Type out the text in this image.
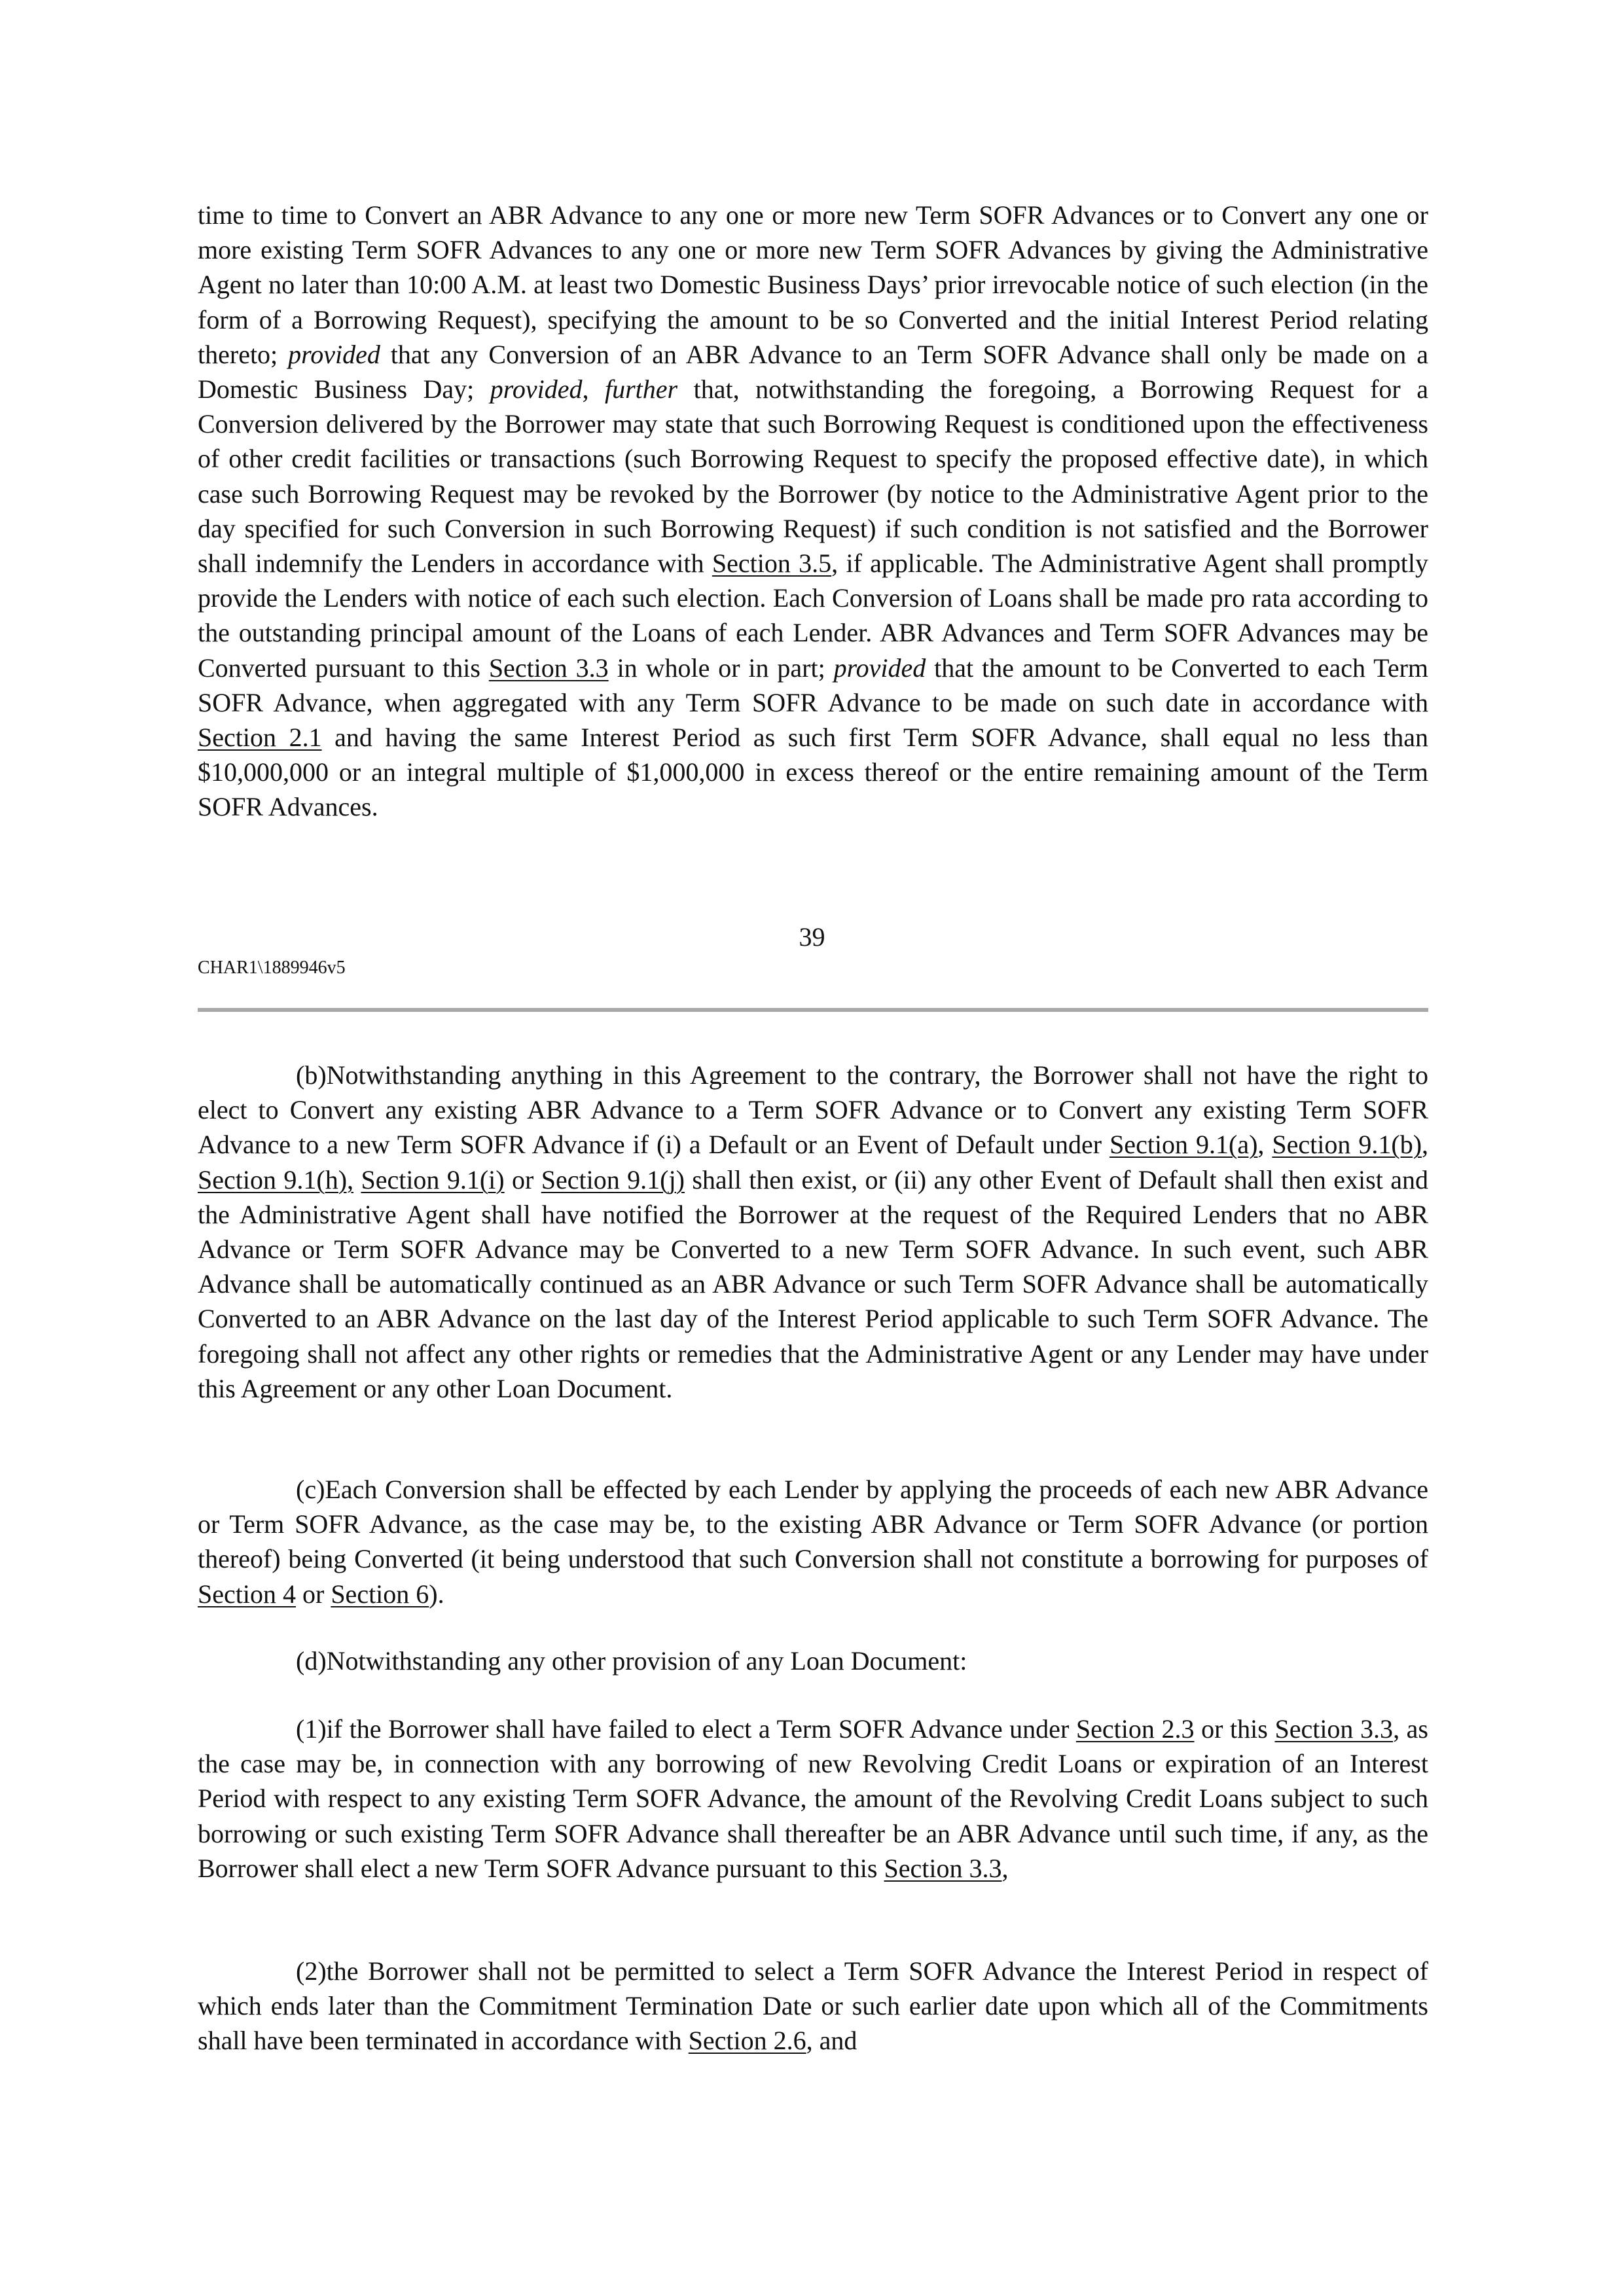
time to time to Convert an ABR Advance to any one or more new Term SOFR Advances or to Convert any one or more existing Term SOFR Advances to any one or more new Term SOFR Advances by giving the Administrative Agent no later than 10:00 A.M. at least two Domestic Business Days’ prior irrevocable notice of such election (in the form of a Borrowing Request), specifying the amount to be so Converted and the initial Interest Period relating thereto; provided that any Conversion of an ABR Advance to an Term SOFR Advance shall only be made on a Domestic Business Day; provided, further that, notwithstanding the foregoing, a Borrowing Request for a Conversion delivered by the Borrower may state that such Borrowing Request is conditioned upon the effectiveness of other credit facilities or transactions (such Borrowing Request to specify the proposed effective date), in which case such Borrowing Request may be revoked by the Borrower (by notice to the Administrative Agent prior to the day specified for such Conversion in such Borrowing Request) if such condition is not satisfied and the Borrower shall indemnify the Lenders in accordance with Section 3.5, if applicable. The Administrative Agent shall promptly provide the Lenders with notice of each such election. Each Conversion of Loans shall be made pro rata according to the outstanding principal amount of the Loans of each Lender. ABR Advances and Term SOFR Advances may be Converted pursuant to this Section 3.3 in whole or in part; provided that the amount to be Converted to each Term SOFR Advance, when aggregated with any Term SOFR Advance to be made on such date in accordance with Section 2.1 and having the same Interest Period as such first Term SOFR Advance, shall equal no less than $10,000,000 or an integral multiple of $1,000,000 in excess thereof or the entire remaining amount of the Term SOFR Advances.

39

CHAR1\1889946v5

(b)Notwithstanding anything in this Agreement to the contrary, the Borrower shall not have the right to elect to Convert any existing ABR Advance to a Term SOFR Advance or to Convert any existing Term SOFR Advance to a new Term SOFR Advance if (i) a Default or an Event of Default under Section 9.1(a), Section 9.1(b), Section 9.1(h), Section 9.1(i) or Section 9.1(j) shall then exist, or (ii) any other Event of Default shall then exist and the Administrative Agent shall have notified the Borrower at the request of the Required Lenders that no ABR Advance or Term SOFR Advance may be Converted to a new Term SOFR Advance. In such event, such ABR Advance shall be automatically continued as an ABR Advance or such Term SOFR Advance shall be automatically Converted to an ABR Advance on the last day of the Interest Period applicable to such Term SOFR Advance. The foregoing shall not affect any other rights or remedies that the Administrative Agent or any Lender may have under this Agreement or any other Loan Document.

(c)Each Conversion shall be effected by each Lender by applying the proceeds of each new ABR Advance or Term SOFR Advance, as the case may be, to the existing ABR Advance or Term SOFR Advance (or portion thereof) being Converted (it being understood that such Conversion shall not constitute a borrowing for purposes of Section 4 or Section 6).

(d)Notwithstanding any other provision of any Loan Document:

(1)if the Borrower shall have failed to elect a Term SOFR Advance under Section 2.3 or this Section 3.3, as the case may be, in connection with any borrowing of new Revolving Credit Loans or expiration of an Interest Period with respect to any existing Term SOFR Advance, the amount of the Revolving Credit Loans subject to such borrowing or such existing Term SOFR Advance shall thereafter be an ABR Advance until such time, if any, as the Borrower shall elect a new Term SOFR Advance pursuant to this Section 3.3,

(2)the Borrower shall not be permitted to select a Term SOFR Advance the Interest Period in respect of which ends later than the Commitment Termination Date or such earlier date upon which all of the Commitments shall have been terminated in accordance with Section 2.6, and
